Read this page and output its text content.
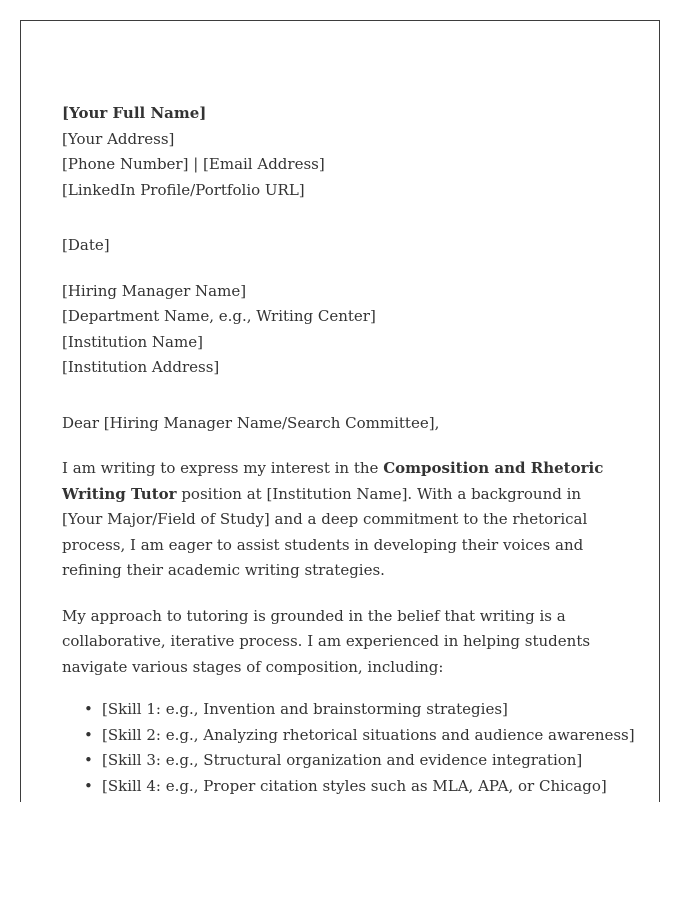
[Your Full Name]
[Your Address]
[Phone Number] | [Email Address]
[LinkedIn Profile/Portfolio URL]
[Date]
[Hiring Manager Name]
[Department Name, e.g., Writing Center]
[Institution Name]
[Institution Address]
Dear [Hiring Manager Name/Search Committee],

I am writing to express my interest in the Composition and Rhetoric Writing Tutor position at [Institution Name]. With a background in [Your Major/Field of Study] and a deep commitment to the rhetorical process, I am eager to assist students in developing their voices and refining their academic writing strategies.

My approach to tutoring is grounded in the belief that writing is a collaborative, iterative process. I am experienced in helping students navigate various stages of composition, including:

• [Skill 1: e.g., Invention and brainstorming strategies]
• [Skill 2: e.g., Analyzing rhetorical situations and audience awareness]
• [Skill 3: e.g., Structural organization and evidence integration]
• [Skill 4: e.g., Proper citation styles such as MLA, APA, or Chicago]
